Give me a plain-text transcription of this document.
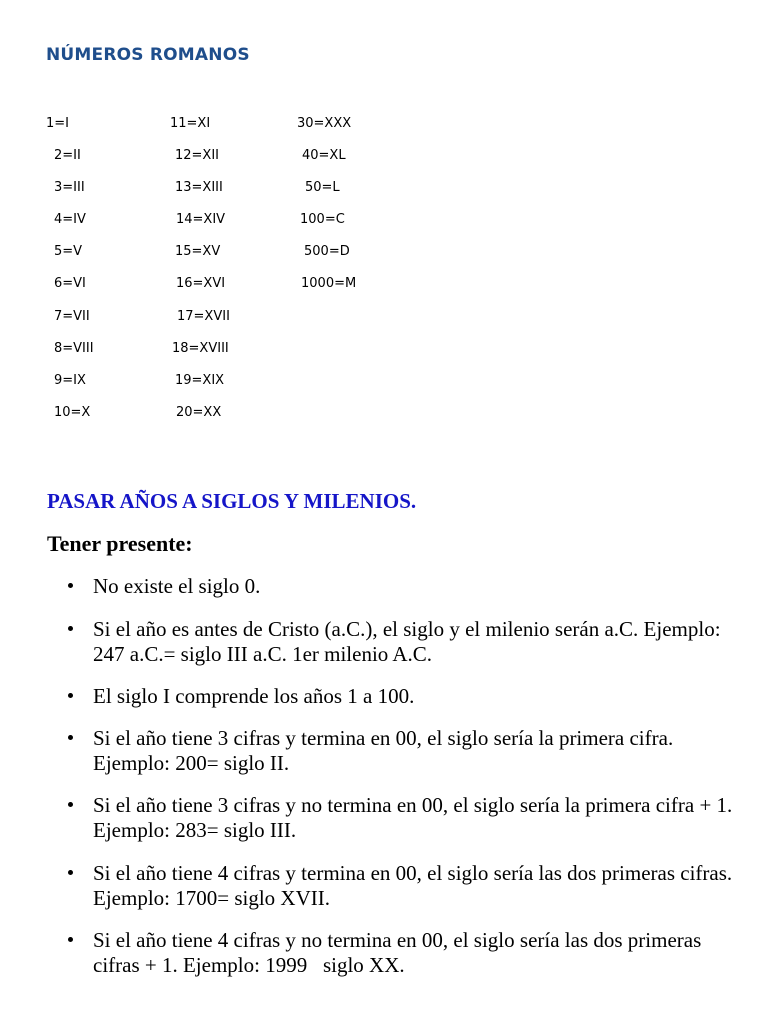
NÚMEROS ROMANOS
1=I
2=II
3=III
4=IV
5=V
6=VI
7=VII
8=VIII
9=IX
10=X
11=XI
12=XII
13=XIII
14=XIV
15=XV
16=XVI
17=XVII
18=XVIII
19=XIX
20=XX
30=XXX
40=XL
50=L
100=C
500=D
1000=M
PASAR AÑOS A SIGLOS Y MILENIOS.
Tener presente:
No existe el siglo 0.
Si el año es antes de Cristo (a.C.), el siglo y el milenio serán a.C. Ejemplo: 247 a.C.= siglo III a.C. 1er milenio A.C.
El siglo I comprende los años 1 a 100.
Si el año tiene 3 cifras y termina en 00, el siglo sería la primera cifra. Ejemplo: 200= siglo II.
Si el año tiene 3 cifras y no termina en 00, el siglo sería la primera cifra + 1. Ejemplo: 283= siglo III.
Si el año tiene 4 cifras y termina en 00, el siglo sería las dos primeras cifras. Ejemplo: 1700= siglo XVII.
Si el año tiene 4 cifras y no termina en 00, el siglo sería las dos primeras cifras + 1. Ejemplo: 1999   siglo XX.
